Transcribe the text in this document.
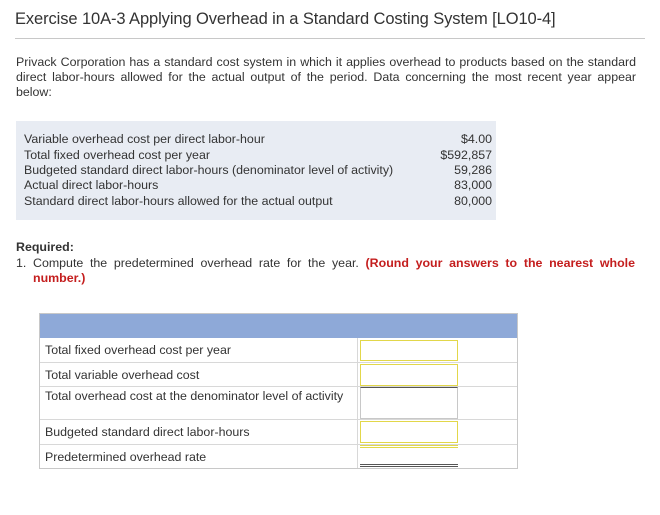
Exercise 10A-3 Applying Overhead in a Standard Costing System [LO10-4]
Privack Corporation has a standard cost system in which it applies overhead to products based on the standard direct labor-hours allowed for the actual output of the period. Data concerning the most recent year appear below:
Variable overhead cost per direct labor-hour	$4.00
Total fixed overhead cost per year	$592,857
Budgeted standard direct labor-hours (denominator level of activity)	59,286
Actual direct labor-hours	83,000
Standard direct labor-hours allowed for the actual output	80,000
Required:
1. Compute the predetermined overhead rate for the year. (Round your answers to the nearest whole number.)
Total fixed overhead cost per year
Total variable overhead cost
Total overhead cost at the denominator level of activity
Budgeted standard direct labor-hours
Predetermined overhead rate
